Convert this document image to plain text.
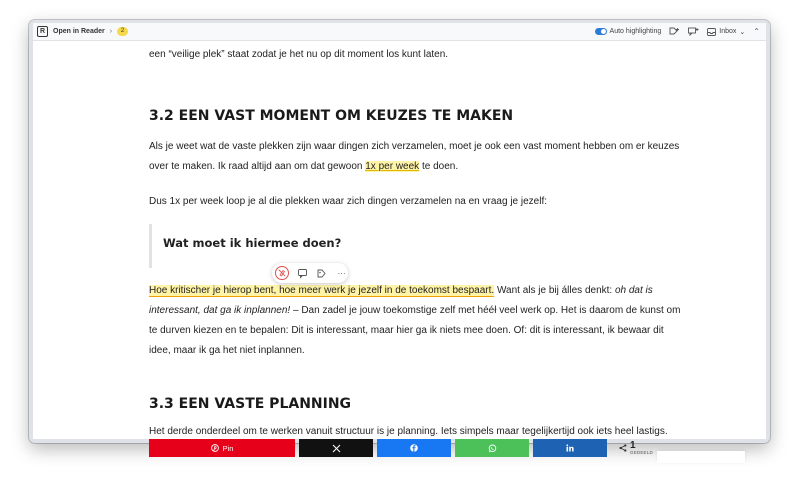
R	Open in Reader ›	2	Auto highlighting	Inbox ⌄ ⌃

een “veilige plek” staat zodat je het nu op dit moment los kunt laten.

3.2 EEN VAST MOMENT OM KEUZES TE MAKEN

Als je weet wat de vaste plekken zijn waar dingen zich verzamelen, moet je ook een vast moment hebben om er keuzes

over te maken. Ik raad altijd aan om dat gewoon 1x per week te doen.

Dus 1x per week loop je al die plekken waar zich dingen verzamelen na en vraag je jezelf:

Wat moet ik hiermee doen?

Hoe kritischer je hierop bent, hoe meer werk je jezelf in de toekomst bespaart. Want als je bij álles denkt: oh dat is

interessant, dat ga ik inplannen! – Dan zadel je jouw toekomstige zelf met hééł veel werk op. Het is daarom de kunst om

te durven kiezen en te bepalen: Dit is interessant, maar hier ga ik niets mee doen. Of: dit is interessant, ik bewaar dit

idee, maar ik ga het niet inplannen.

3.3 EEN VASTE PLANNING

Het derde onderdeel om te werken vanuit structuur is je planning. Iets simpels maar tegelijkertijd ook iets heel lastigs.

···
Pin	1
GEDEELD
